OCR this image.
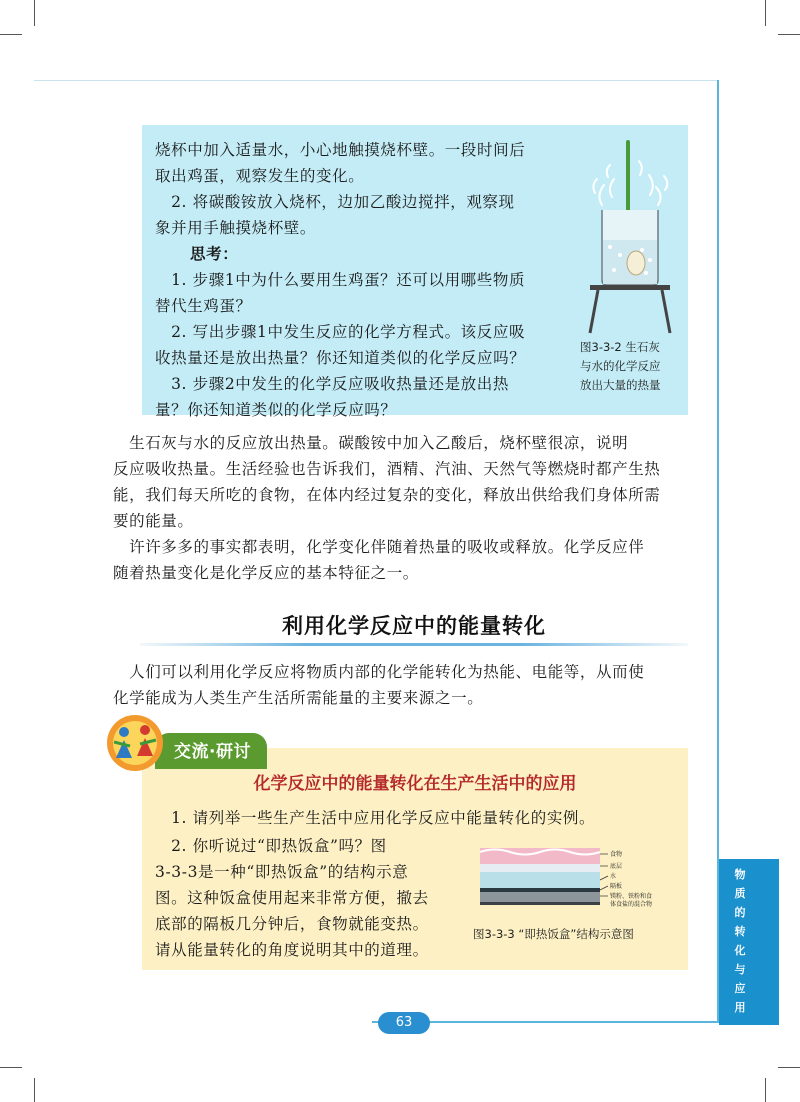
烧杯中加入适量水，小心地触摸烧杯壁。一段时间后

取出鸡蛋，观察发生的变化。

　2. 将碳酸铵放入烧杯，边加乙酸边搅拌，观察现

象并用手触摸烧杯壁。

思考：

　1. 步骤1中为什么要用生鸡蛋？还可以用哪些物质

替代生鸡蛋？

　2. 写出步骤1中发生反应的化学方程式。该反应吸

收热量还是放出热量？你还知道类似的化学反应吗？

　3. 步骤2中发生的化学反应吸收热量还是放出热

量？你还知道类似的化学反应吗？

图3-3-2 生石灰
与水的化学反应
放出大量的热量

　生石灰与水的反应放出热量。碳酸铵中加入乙酸后，烧杯壁很凉，说明

反应吸收热量。生活经验也告诉我们，酒精、汽油、天然气等燃烧时都产生热

能，我们每天所吃的食物，在体内经过复杂的变化，释放出供给我们身体所需

要的能量。

　许许多多的事实都表明，化学变化伴随着热量的吸收或释放。化学反应伴

随着热量变化是化学反应的基本特征之一。

利用化学反应中的能量转化

　人们可以利用化学反应将物质内部的化学能转化为热能、电能等，从而使

化学能成为人类生产生活所需能量的主要来源之一。

交流·研讨
化学反应中的能量转化在生产生活中的应用

　1. 请列举一些生产生活中应用化学反应中能量转化的实例。

　2. 你听说过“即热饭盒”吗？图

3-3-3是一种“即热饭盒”的结构示意

图。这种饭盒使用起来非常方便，撤去

底部的隔板几分钟后，食物就能变热。

请从能量转化的角度说明其中的道理。

食物
底层
水
隔板
镁粉、铁粉和食
体食盐的混合物
图3-3-3 “即热饭盒”结构示意图
物
质
的
转
化
与
应
用
63
